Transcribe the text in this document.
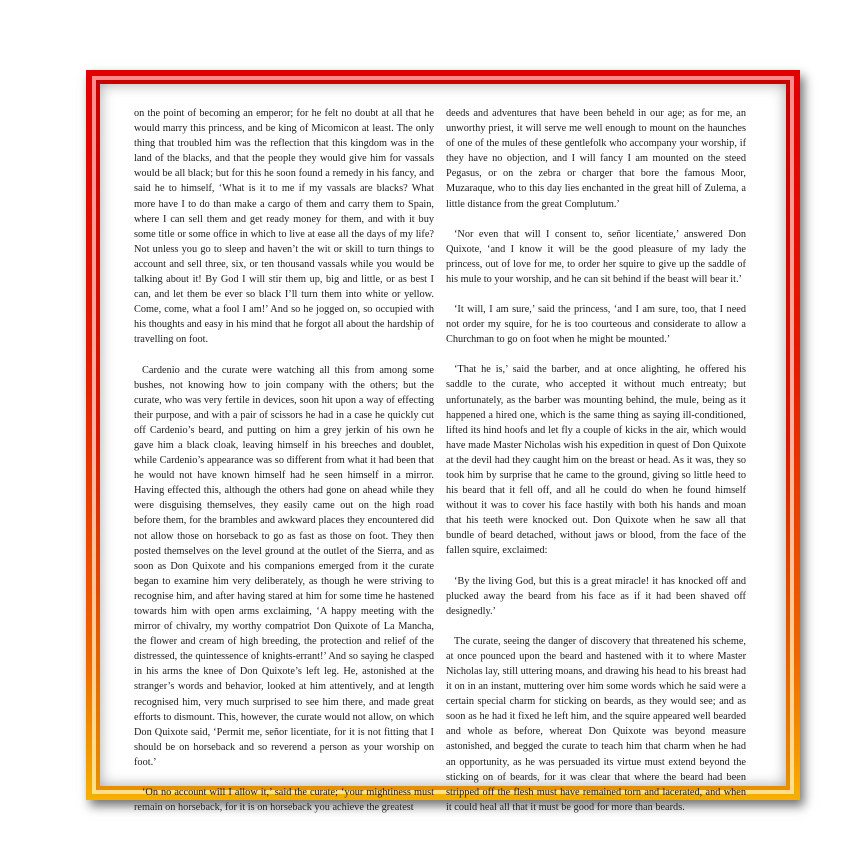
on the point of becoming an emperor; for he felt no doubt at all that he would marry this princess, and be king of Micomicon at least. The only thing that troubled him was the reflection that this kingdom was in the land of the blacks, and that the people they would give him for vassals would be all black; but for this he soon found a remedy in his fancy, and said he to himself, ‘What is it to me if my vassals are blacks? What more have I to do than make a cargo of them and carry them to Spain, where I can sell them and get ready money for them, and with it buy some title or some office in which to live at ease all the days of my life? Not unless you go to sleep and haven’t the wit or skill to turn things to account and sell three, six, or ten thousand vassals while you would be talking about it! By God I will stir them up, big and little, or as best I can, and let them be ever so black I’ll turn them into white or yellow. Come, come, what a fool I am!’ And so he jogged on, so occupied with his thoughts and easy in his mind that he forgot all about the hardship of travelling on foot.

Cardenio and the curate were watching all this from among some bushes, not knowing how to join company with the others; but the curate, who was very fertile in devices, soon hit upon a way of effecting their purpose, and with a pair of scissors he had in a case he quickly cut off Cardenio’s beard, and putting on him a grey jerkin of his own he gave him a black cloak, leaving himself in his breeches and doublet, while Cardenio’s appearance was so different from what it had been that he would not have known himself had he seen himself in a mirror. Having effected this, although the others had gone on ahead while they were disguising themselves, they easily came out on the high road before them, for the brambles and awkward places they encountered did not allow those on horseback to go as fast as those on foot. They then posted themselves on the level ground at the outlet of the Sierra, and as soon as Don Quixote and his companions emerged from it the curate began to examine him very deliberately, as though he were striving to recognise him, and after having stared at him for some time he hastened towards him with open arms exclaiming, ‘A happy meeting with the mirror of chivalry, my worthy compatriot Don Quixote of La Mancha, the flower and cream of high breeding, the protection and relief of the distressed, the quintessence of knights-errant!’ And so saying he clasped in his arms the knee of Don Quixote’s left leg. He, astonished at the stranger’s words and behavior, looked at him attentively, and at length recognised him, very much surprised to see him there, and made great efforts to dismount. This, however, the curate would not allow, on which Don Quixote said, ‘Permit me, señor licentiate, for it is not fitting that I should be on horseback and so reverend a person as your worship on foot.’

‘On no account will I allow it,’ said the curate; ‘your mightiness must remain on horseback, for it is on horseback you achieve the greatest

deeds and adventures that have been beheld in our age; as for me, an unworthy priest, it will serve me well enough to mount on the haunches of one of the mules of these gentlefolk who accompany your worship, if they have no objection, and I will fancy I am mounted on the steed Pegasus, or on the zebra or charger that bore the famous Moor, Muzaraque, who to this day lies enchanted in the great hill of Zulema, a little distance from the great Complutum.’

‘Nor even that will I consent to, señor licentiate,’ answered Don Quixote, ‘and I know it will be the good pleasure of my lady the princess, out of love for me, to order her squire to give up the saddle of his mule to your worship, and he can sit behind if the beast will bear it.’

‘It will, I am sure,’ said the princess, ‘and I am sure, too, that I need not order my squire, for he is too courteous and considerate to allow a Churchman to go on foot when he might be mounted.’

‘That he is,’ said the barber, and at once alighting, he offered his saddle to the curate, who accepted it without much entreaty; but unfortunately, as the barber was mounting behind, the mule, being as it happened a hired one, which is the same thing as saying ill-conditioned, lifted its hind hoofs and let fly a couple of kicks in the air, which would have made Master Nicholas wish his expedition in quest of Don Quixote at the devil had they caught him on the breast or head. As it was, they so took him by surprise that he came to the ground, giving so little heed to his beard that it fell off, and all he could do when he found himself without it was to cover his face hastily with both his hands and moan that his teeth were knocked out. Don Quixote when he saw all that bundle of beard detached, without jaws or blood, from the face of the fallen squire, exclaimed:

‘By the living God, but this is a great miracle! it has knocked off and plucked away the beard from his face as if it had been shaved off designedly.’

The curate, seeing the danger of discovery that threatened his scheme, at once pounced upon the beard and hastened with it to where Master Nicholas lay, still uttering moans, and drawing his head to his breast had it on in an instant, muttering over him some words which he said were a certain special charm for sticking on beards, as they would see; and as soon as he had it fixed he left him, and the squire appeared well bearded and whole as before, whereat Don Quixote was beyond measure astonished, and begged the curate to teach him that charm when he had an opportunity, as he was persuaded its virtue must extend beyond the sticking on of beards, for it was clear that where the beard had been stripped off the flesh must have remained torn and lacerated, and when it could heal all that it must be good for more than beards.
